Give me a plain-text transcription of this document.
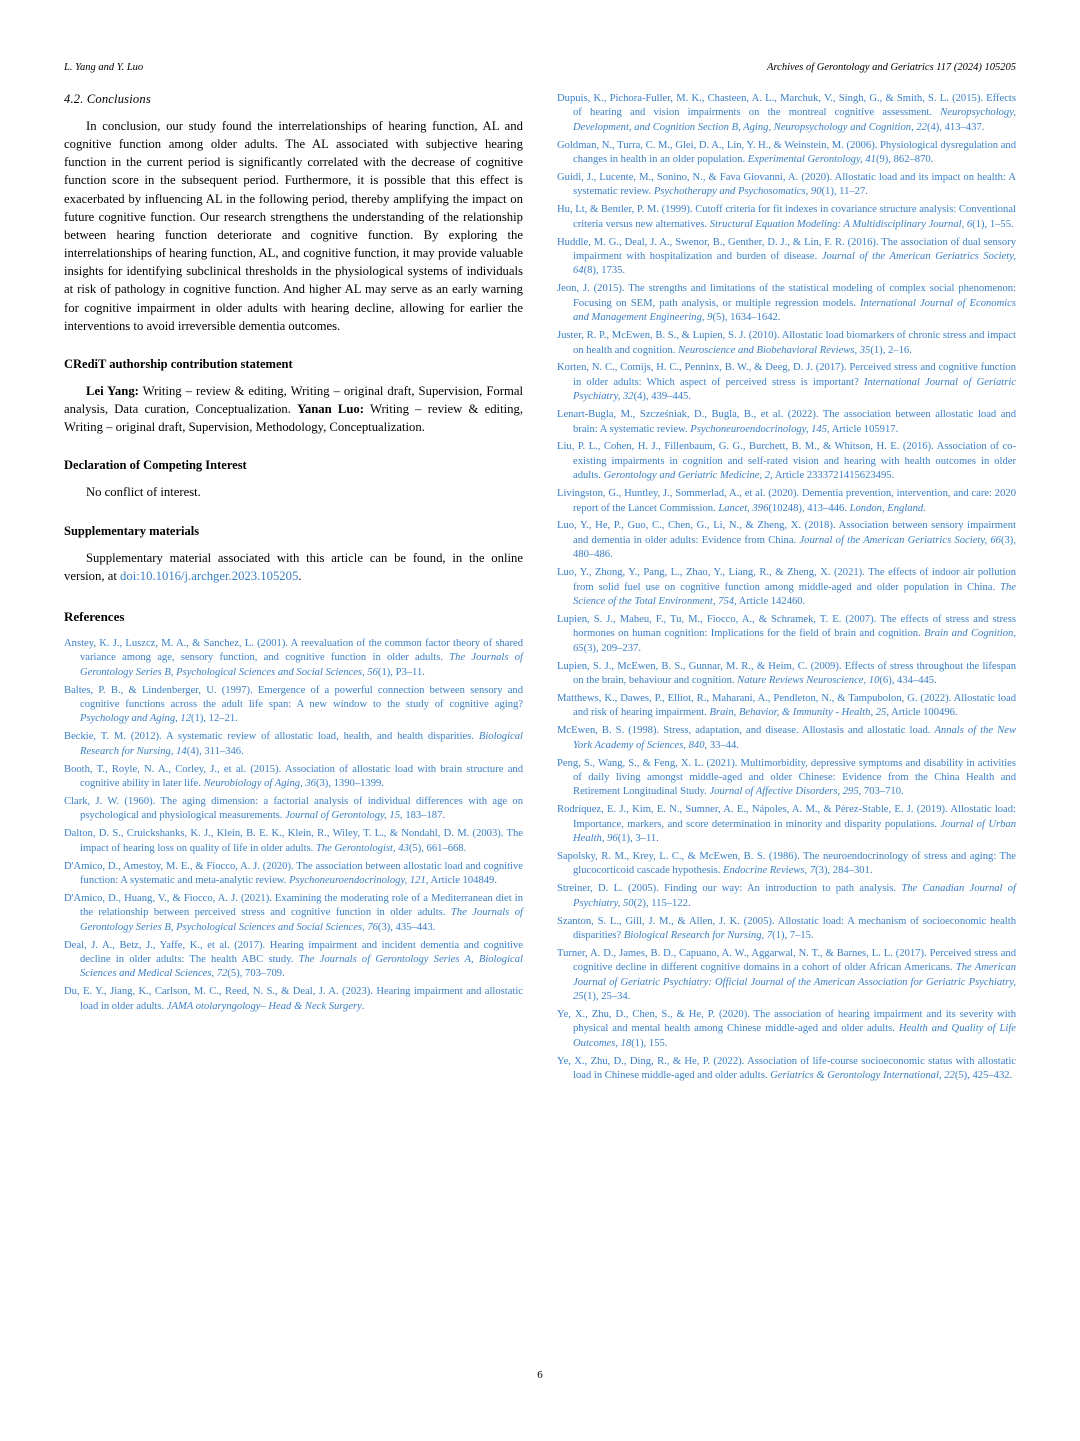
L. Yang and Y. Luo	Archives of Gerontology and Geriatrics 117 (2024) 105205
4.2. Conclusions

In conclusion, our study found the interrelationships of hearing function, AL and cognitive function among older adults. The AL associated with subjective hearing function in the current period is significantly correlated with the decrease of cognitive function score in the subsequent period. Furthermore, it is possible that this effect is exacerbated by influencing AL in the following period, thereby amplifying the impact on future cognitive function. Our research strengthens the understanding of the relationship between hearing function deteriorate and cognitive function. By exploring the interrelationships of hearing function, AL, and cognitive function, it may provide valuable insights for identifying subclinical thresholds in the physiological systems of individuals at risk of pathology in cognitive function. And higher AL may serve as an early warning for cognitive impairment in older adults with hearing decline, allowing for earlier the interventions to avoid irreversible dementia outcomes.

CRediT authorship contribution statement

Lei Yang: Writing – review & editing, Writing – original draft, Supervision, Formal analysis, Data curation, Conceptualization. Yanan Luo: Writing – review & editing, Writing – original draft, Supervision, Methodology, Conceptualization.

Declaration of Competing Interest

No conflict of interest.

Supplementary materials

Supplementary material associated with this article can be found, in the online version, at doi:10.1016/j.archger.2023.105205.

References
Anstey, K. J., Luszcz, M. A., & Sanchez, L. (2001). A reevaluation of the common factor theory of shared variance among age, sensory function, and cognitive function in older adults. The Journals of Gerontology Series B, Psychological Sciences and Social Sciences, 56(1), P3–11.
Baltes, P. B., & Lindenberger, U. (1997). Emergence of a powerful connection between sensory and cognitive functions across the adult life span: A new window to the study of cognitive aging? Psychology and Aging, 12(1), 12–21.
Beckie, T. M. (2012). A systematic review of allostatic load, health, and health disparities. Biological Research for Nursing, 14(4), 311–346.
Booth, T., Royle, N. A., Corley, J., et al. (2015). Association of allostatic load with brain structure and cognitive ability in later life. Neurobiology of Aging, 36(3), 1390–1399.
Clark, J. W. (1960). The aging dimension: a factorial analysis of individual differences with age on psychological and physiological measurements. Journal of Gerontology, 15, 183–187.
Dalton, D. S., Cruickshanks, K. J., Klein, B. E. K., Klein, R., Wiley, T. L., & Nondahl, D. M. (2003). The impact of hearing loss on quality of life in older adults. The Gerontologist, 43(5), 661–668.
D'Amico, D., Amestoy, M. E., & Fiocco, A. J. (2020). The association between allostatic load and cognitive function: A systematic and meta-analytic review. Psychoneuroendocrinology, 121, Article 104849.
D'Amico, D., Huang, V., & Fiocco, A. J. (2021). Examining the moderating role of a Mediterranean diet in the relationship between perceived stress and cognitive function in older adults. The Journals of Gerontology Series B, Psychological Sciences and Social Sciences, 76(3), 435–443.
Deal, J. A., Betz, J., Yaffe, K., et al. (2017). Hearing impairment and incident dementia and cognitive decline in older adults: The health ABC study. The Journals of Gerontology Series A, Biological Sciences and Medical Sciences, 72(5), 703–709.
Du, E. Y., Jiang, K., Carlson, M. C., Reed, N. S., & Deal, J. A. (2023). Hearing impairment and allostatic load in older adults. JAMA otolaryngology– Head & Neck Surgery.
Dupuis, K., Pichora-Fuller, M. K., Chasteen, A. L., Marchuk, V., Singh, G., & Smith, S. L. (2015). Effects of hearing and vision impairments on the montreal cognitive assessment. Neuropsychology, Development, and Cognition Section B, Aging, Neuropsychology and Cognition, 22(4), 413–437.
Goldman, N., Turra, C. M., Glei, D. A., Lin, Y. H., & Weinstein, M. (2006). Physiological dysregulation and changes in health in an older population. Experimental Gerontology, 41(9), 862–870.
Guidi, J., Lucente, M., Sonino, N., & Fava Giovanni, A. (2020). Allostatic load and its impact on health: A systematic review. Psychotherapy and Psychosomatics, 90(1), 11–27.
Hu, Lt, & Bentler, P. M. (1999). Cutoff criteria for fit indexes in covariance structure analysis: Conventional criteria versus new alternatives. Structural Equation Modeling: A Multidisciplinary Journal, 6(1), 1–55.
Huddle, M. G., Deal, J. A., Swenor, B., Genther, D. J., & Lin, F. R. (2016). The association of dual sensory impairment with hospitalization and burden of disease. Journal of the American Geriatrics Society, 64(8), 1735.
Jeon, J. (2015). The strengths and limitations of the statistical modeling of complex social phenomenon: Focusing on SEM, path analysis, or multiple regression models. International Journal of Economics and Management Engineering, 9(5), 1634–1642.
Juster, R. P., McEwen, B. S., & Lupien, S. J. (2010). Allostatic load biomarkers of chronic stress and impact on health and cognition. Neuroscience and Biobehavioral Reviews, 35(1), 2–16.
Korten, N. C., Comijs, H. C., Penninx, B. W., & Deeg, D. J. (2017). Perceived stress and cognitive function in older adults: Which aspect of perceived stress is important? International Journal of Geriatric Psychiatry, 32(4), 439–445.
Lenart-Bugla, M., Szcześniak, D., Bugla, B., et al. (2022). The association between allostatic load and brain: A systematic review. Psychoneuroendocrinology, 145, Article 105917.
Liu, P. L., Cohen, H. J., Fillenbaum, G. G., Burchett, B. M., & Whitson, H. E. (2016). Association of co-existing impairments in cognition and self-rated vision and hearing with health outcomes in older adults. Gerontology and Geriatric Medicine, 2, Article 2333721415623495.
Livingston, G., Huntley, J., Sommerlad, A., et al. (2020). Dementia prevention, intervention, and care: 2020 report of the Lancet Commission. Lancet, 396(10248), 413–446. London, England.
Luo, Y., He, P., Guo, C., Chen, G., Li, N., & Zheng, X. (2018). Association between sensory impairment and dementia in older adults: Evidence from China. Journal of the American Geriatrics Society, 66(3), 480–486.
Luo, Y., Zhong, Y., Pang, L., Zhao, Y., Liang, R., & Zheng, X. (2021). The effects of indoor air pollution from solid fuel use on cognitive function among middle-aged and older population in China. The Science of the Total Environment, 754, Article 142460.
Lupien, S. J., Maheu, F., Tu, M., Fiocco, A., & Schramek, T. E. (2007). The effects of stress and stress hormones on human cognition: Implications for the field of brain and cognition. Brain and Cognition, 65(3), 209–237.
Lupien, S. J., McEwen, B. S., Gunnar, M. R., & Heim, C. (2009). Effects of stress throughout the lifespan on the brain, behaviour and cognition. Nature Reviews Neuroscience, 10(6), 434–445.
Matthews, K., Dawes, P., Elliot, R., Maharani, A., Pendleton, N., & Tampubolon, G. (2022). Allostatic load and risk of hearing impairment. Brain, Behavior, & Immunity - Health, 25, Article 100496.
McEwen, B. S. (1998). Stress, adaptation, and disease. Allostasis and allostatic load. Annals of the New York Academy of Sciences, 840, 33–44.
Peng, S., Wang, S., & Feng, X. L. (2021). Multimorbidity, depressive symptoms and disability in activities of daily living amongst middle-aged and older Chinese: Evidence from the China Health and Retirement Longitudinal Study. Journal of Affective Disorders, 295, 703–710.
Rodríquez, E. J., Kim, E. N., Sumner, A. E., Nápoles, A. M., & Pérez-Stable, E. J. (2019). Allostatic load: Importance, markers, and score determination in minority and disparity populations. Journal of Urban Health, 96(1), 3–11.
Sapolsky, R. M., Krey, L. C., & McEwen, B. S. (1986). The neuroendocrinology of stress and aging: The glucocorticoid cascade hypothesis. Endocrine Reviews, 7(3), 284–301.
Streiner, D. L. (2005). Finding our way: An introduction to path analysis. The Canadian Journal of Psychiatry, 50(2), 115–122.
Szanton, S. L., Gill, J. M., & Allen, J. K. (2005). Allostatic load: A mechanism of socioeconomic health disparities? Biological Research for Nursing, 7(1), 7–15.
Turner, A. D., James, B. D., Capuano, A. W., Aggarwal, N. T., & Barnes, L. L. (2017). Perceived stress and cognitive decline in different cognitive domains in a cohort of older African Americans. The American Journal of Geriatric Psychiatry: Official Journal of the American Association for Geriatric Psychiatry, 25(1), 25–34.
Ye, X., Zhu, D., Chen, S., & He, P. (2020). The association of hearing impairment and its severity with physical and mental health among Chinese middle-aged and older adults. Health and Quality of Life Outcomes, 18(1), 155.
Ye, X., Zhu, D., Ding, R., & He, P. (2022). Association of life-course socioeconomic status with allostatic load in Chinese middle-aged and older adults. Geriatrics & Gerontology International, 22(5), 425–432.
6
